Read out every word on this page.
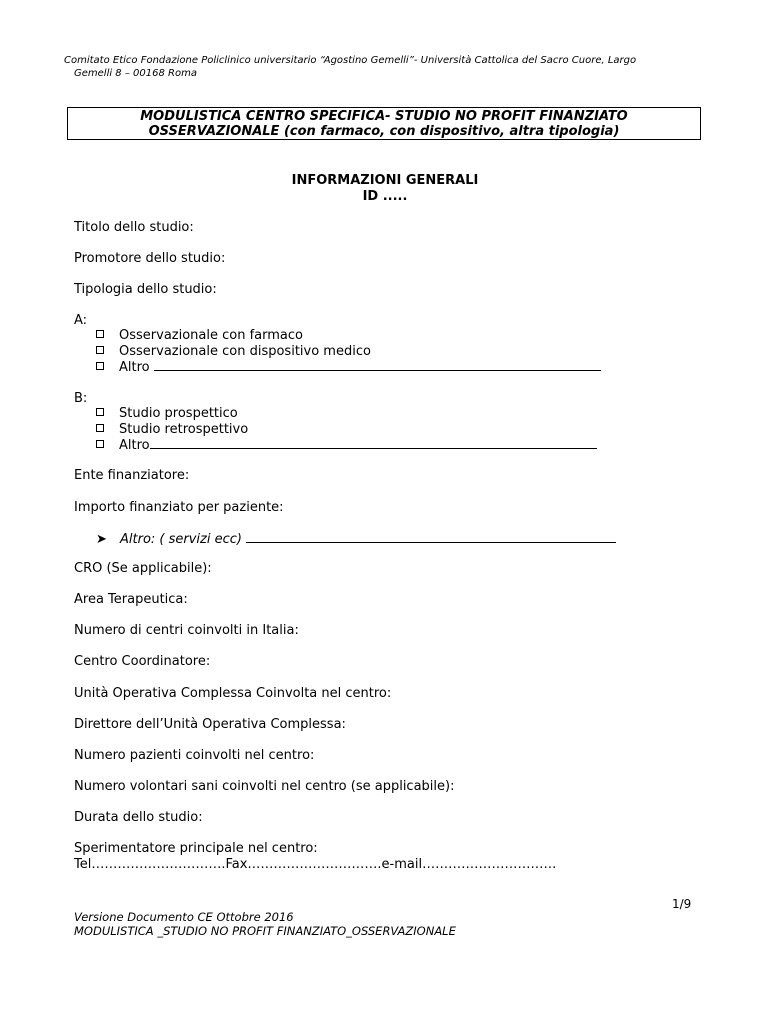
Comitato Etico Fondazione Policlinico universitario “Agostino Gemelli”- Università Cattolica del Sacro Cuore, Largo
Gemelli 8 – 00168 Roma
MODULISTICA CENTRO SPECIFICA- STUDIO NO PROFIT FINANZIATO
OSSERVAZIONALE (con farmaco, con dispositivo, altra tipologia)
INFORMAZIONI GENERALI
ID .....
Titolo dello studio:
Promotore dello studio:
Tipologia dello studio:
A:
Osservazionale con farmaco
Osservazionale con dispositivo medico
Altro
B:
Studio prospettico
Studio retrospettivo
Altro
Ente finanziatore:
Importo finanziato per paziente:
➤ Altro: ( servizi ecc)
CRO (Se applicabile):
Area Terapeutica:
Numero di centri coinvolti in Italia:
Centro Coordinatore:
Unità Operativa Complessa Coinvolta nel centro:
Direttore dell’Unità Operativa Complessa:
Numero pazienti coinvolti nel centro:
Numero volontari sani coinvolti nel centro (se applicabile):
Durata dello studio:
Sperimentatore principale nel centro:
Tel………………………….Fax………………………….e-mail………………………….
1/9
Versione Documento CE Ottobre 2016
MODULISTICA _STUDIO NO PROFIT FINANZIATO_OSSERVAZIONALE
